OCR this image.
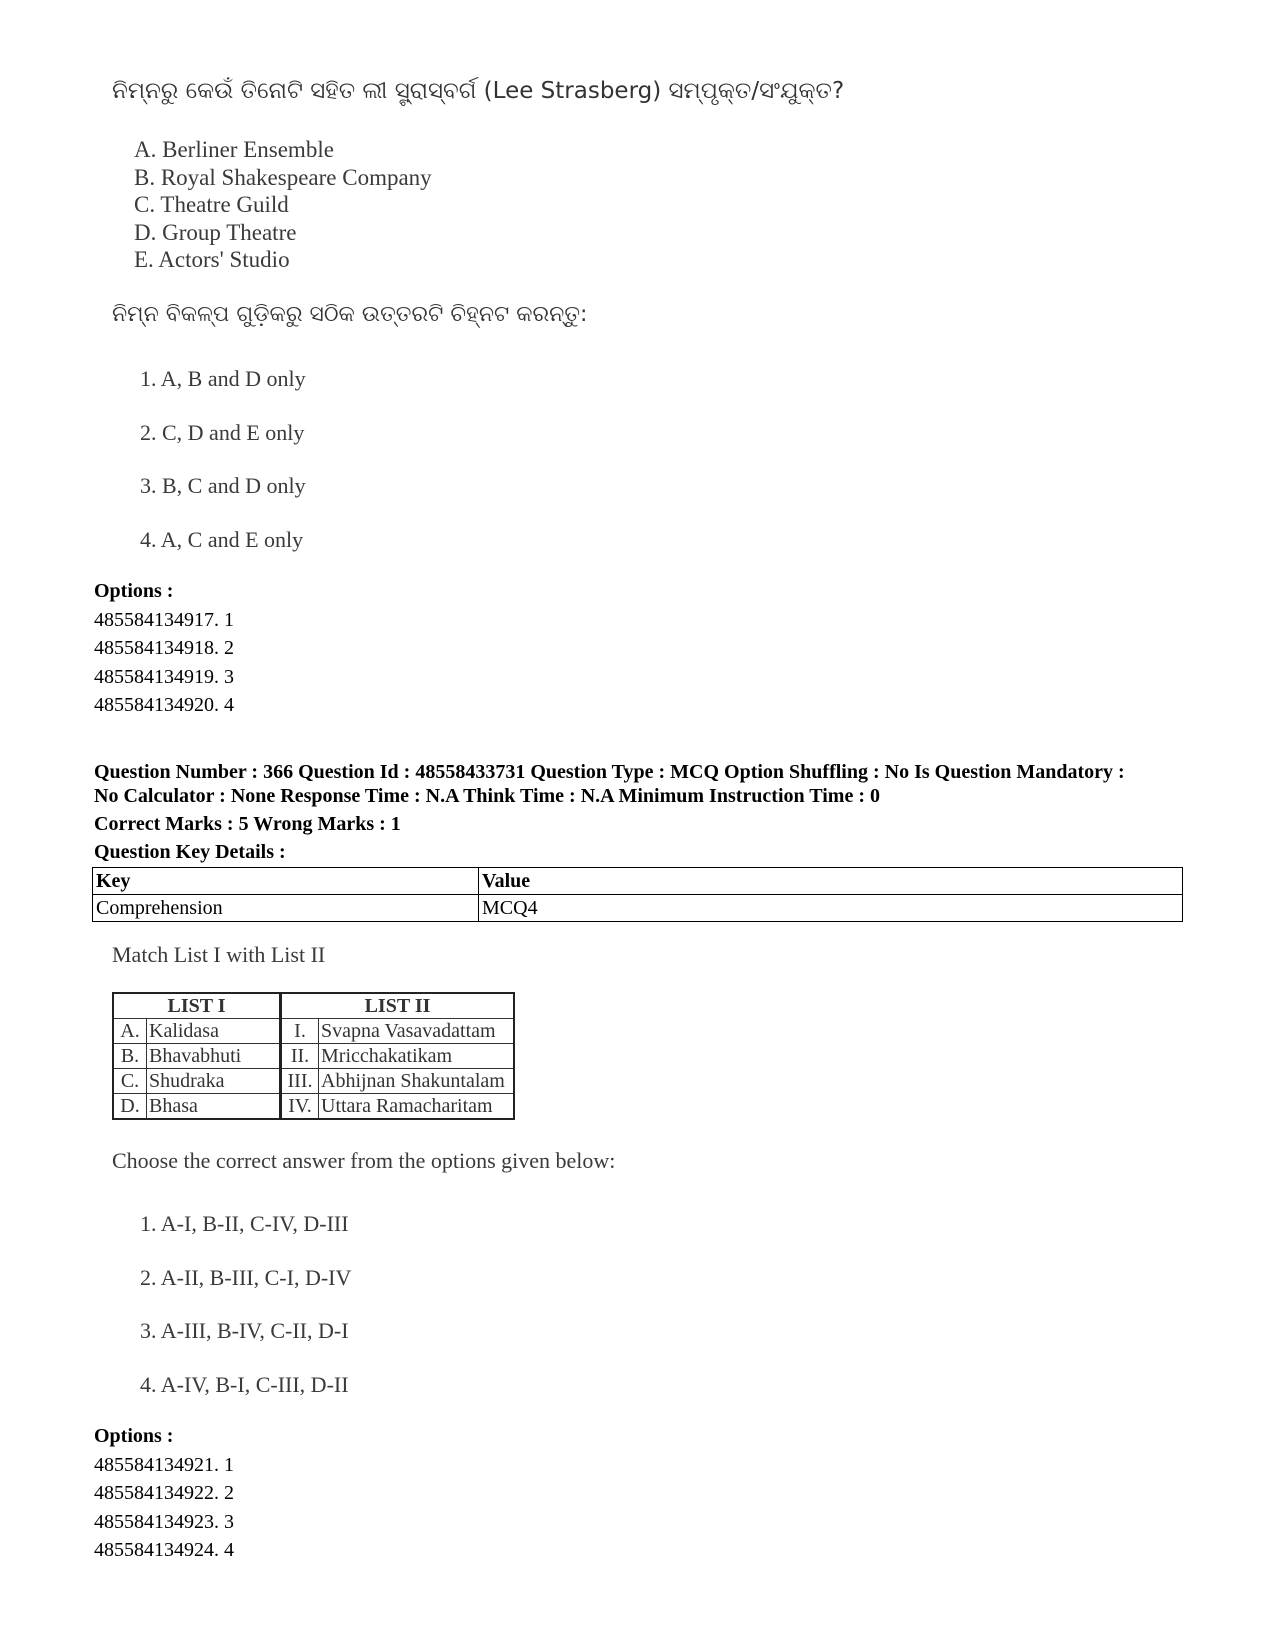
ନିମ୍ନରୁ କେଉଁ ତିନୋଟି ସହିତ ଲୀ ସ୍ଟ୍ରାସ୍‌ବର୍ଗ (Lee Strasberg) ସମ୍ପୃକ୍ତ/ସଂଯୁକ୍ତ?
A. Berliner Ensemble
B. Royal Shakespeare Company
C. Theatre Guild
D. Group Theatre
E. Actors' Studio
ନିମ୍ନ ବିକଳ୍ପ ଗୁଡ଼ିକରୁ ସଠିକ ଉତ୍ତରଟି ଚିହ୍ନଟ କରନ୍ତୁ:
1. A, B and D only
2. C, D and E only
3. B, C and D only
4. A, C and E only
Options :
485584134917. 1
485584134918. 2
485584134919. 3
485584134920. 4
Question Number : 366 Question Id : 48558433731 Question Type : MCQ Option Shuffling : No Is Question Mandatory :
No Calculator : None Response Time : N.A Think Time : N.A Minimum Instruction Time : 0
Correct Marks : 5 Wrong Marks : 1
Question Key Details :
Key	Value
Comprehension	MCQ4
Match List I with List II
LIST I		LIST II	
A.	Kalidasa	I.	Svapna Vasavadattam
B.	Bhavabhuti	II.	Mricchakatikam
C.	Shudraka	III.	Abhijnan Shakuntalam
D.	Bhasa	IV.	Uttara Ramacharitam
Choose the correct answer from the options given below:
1. A-I, B-II, C-IV, D-III
2. A-II, B-III, C-I, D-IV
3. A-III, B-IV, C-II, D-I
4. A-IV, B-I, C-III, D-II
Options :
485584134921. 1
485584134922. 2
485584134923. 3
485584134924. 4
